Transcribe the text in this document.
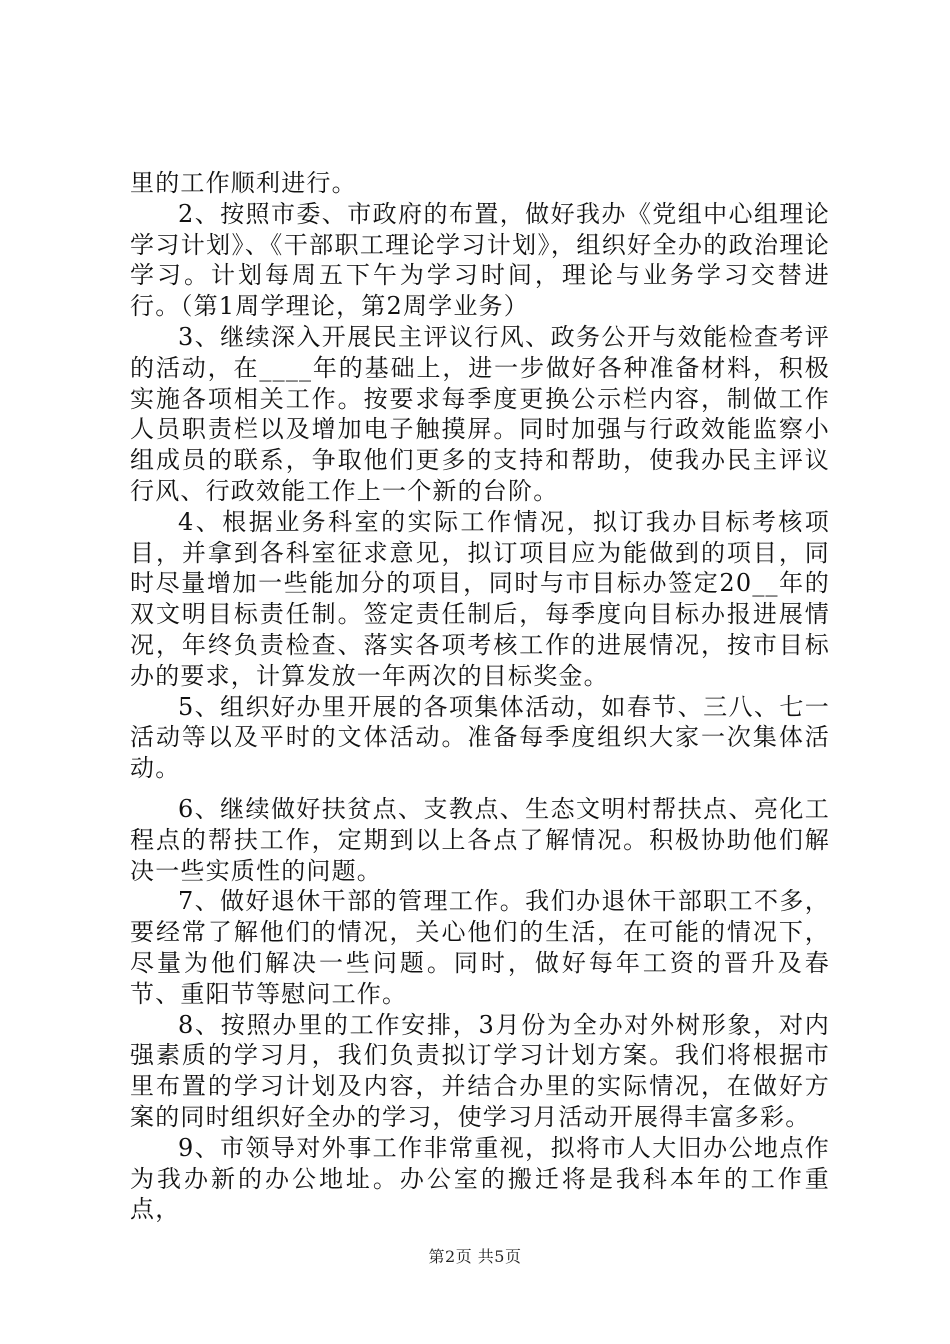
里的工作顺利进行。

2、按照市委、市政府的布置，做好我办《党组中心组理论学习计划》、《干部职工理论学习计划》，组织好全办的政治理论学习。计划每周五下午为学习时间，理论与业务学习交替进行。（第1周学理论，第2周学业务）

3、继续深入开展民主评议行风、政务公开与效能检查考评的活动，在____年的基础上，进一步做好各种准备材料，积极实施各项相关工作。按要求每季度更换公示栏内容，制做工作人员职责栏以及增加电子触摸屏。同时加强与行政效能监察小组成员的联系，争取他们更多的支持和帮助，使我办民主评议行风、行政效能工作上一个新的台阶。

4、根据业务科室的实际工作情况，拟订我办目标考核项目，并拿到各科室征求意见，拟订项目应为能做到的项目，同时尽量增加一些能加分的项目，同时与市目标办签定20__年的双文明目标责任制。签定责任制后，每季度向目标办报进展情况，年终负责检查、落实各项考核工作的进展情况，按市目标办的要求，计算发放一年两次的目标奖金。

5、组织好办里开展的各项集体活动，如春节、三八、七一活动等以及平时的文体活动。准备每季度组织大家一次集体活动。

6、继续做好扶贫点、支教点、生态文明村帮扶点、亮化工程点的帮扶工作，定期到以上各点了解情况。积极协助他们解决一些实质性的问题。

7、做好退休干部的管理工作。我们办退休干部职工不多，要经常了解他们的情况，关心他们的生活，在可能的情况下，尽量为他们解决一些问题。同时，做好每年工资的晋升及春节、重阳节等慰问工作。

8、按照办里的工作安排，3月份为全办对外树形象，对内强素质的学习月，我们负责拟订学习计划方案。我们将根据市里布置的学习计划及内容，并结合办里的实际情况，在做好方案的同时组织好全办的学习，使学习月活动开展得丰富多彩。

9、市领导对外事工作非常重视，拟将市人大旧办公地点作为我办新的办公地址。办公室的搬迁将是我科本年的工作重点，

第2页 共5页
